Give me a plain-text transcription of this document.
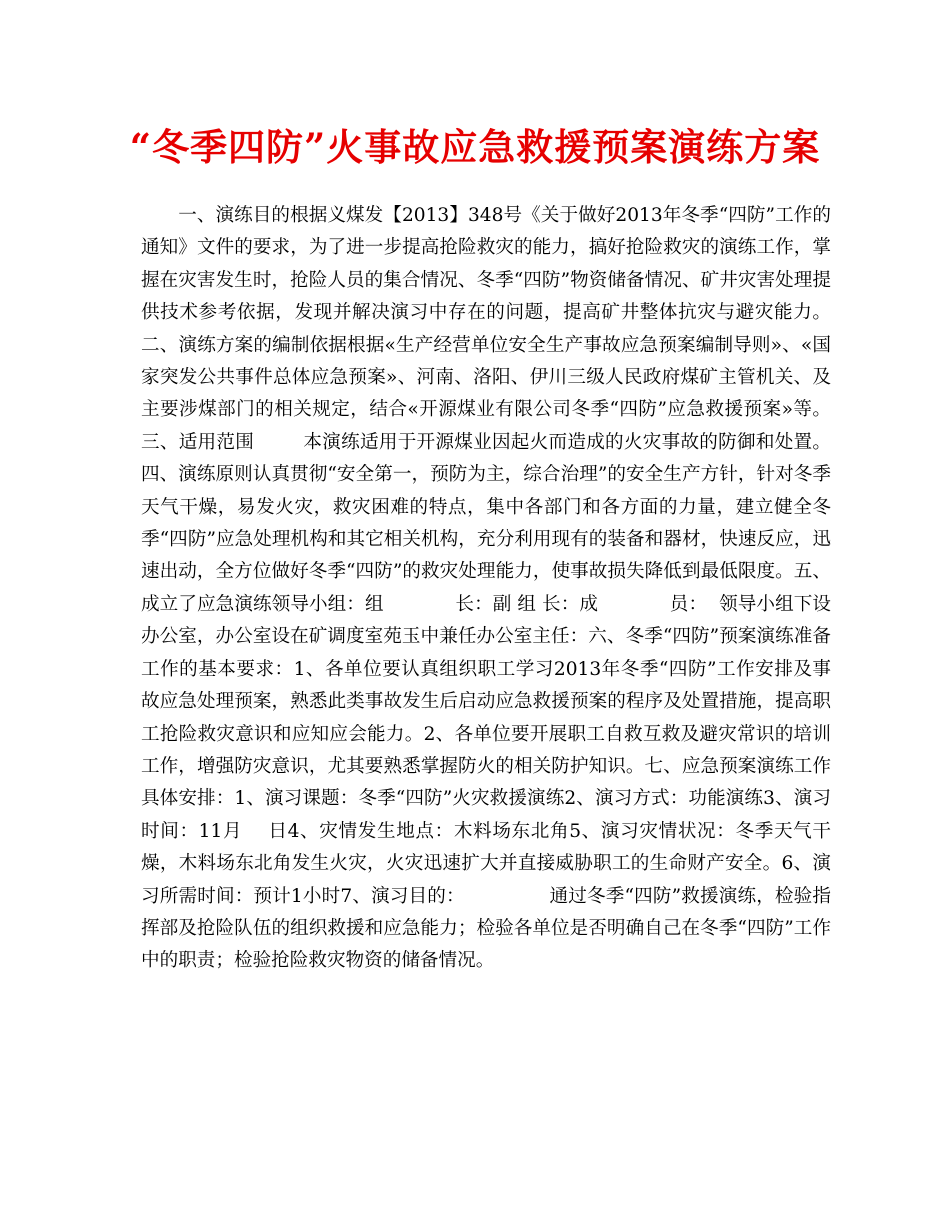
“冬季四防”火事故应急救援预案演练方案

一、演练目的根据义煤发【2013】348号《关于做好2013年冬季“四防”工作的通知》文件的要求，为了进一步提高抢险救灾的能力，搞好抢险救灾的演练工作，掌握在灾害发生时，抢险人员的集合情况、冬季“四防”物资储备情况、矿井灾害处理提供技术参考依据，发现并解决演习中存在的问题，提高矿井整体抗灾与避灾能力。二、演练方案的编制依据根据«生产经营单位安全生产事故应急预案编制导则»、«国家突发公共事件总体应急预案»、河南、洛阳、伊川三级人民政府煤矿主管机关、及主要涉煤部门的相关规定，结合«开源煤业有限公司冬季“四防”应急救援预案»等。三、适用范围        本演练适用于开源煤业因起火而造成的火灾事故的防御和处置。四、演练原则认真贯彻“安全第一，预防为主，综合治理”的安全生产方针，针对冬季天气干燥，易发火灾，救灾困难的特点，集中各部门和各方面的力量，建立健全冬季“四防”应急处理机构和其它相关机构，充分利用现有的装备和器材，快速反应，迅速出动，全方位做好冬季“四防”的救灾处理能力，使事故损失降低到最低限度。五、成立了应急演练领导小组：组            长：副 组 长：成            员：  领导小组下设办公室，办公室设在矿调度室苑玉中兼任办公室主任：六、冬季“四防”预案演练准备工作的基本要求：1、各单位要认真组织职工学习2013年冬季“四防”工作安排及事故应急处理预案，熟悉此类事故发生后启动应急救援预案的程序及处置措施，提高职工抢险救灾意识和应知应会能力。2、各单位要开展职工自救互救及避灾常识的培训工作，增强防灾意识，尤其要熟悉掌握防火的相关防护知识。七、应急预案演练工作具体安排：1、演习课题：冬季“四防”火灾救援演练2、演习方式：功能演练3、演习时间：11月    日4、灾情发生地点：木料场东北角5、演习灾情状况：冬季天气干燥，木料场东北角发生火灾，火灾迅速扩大并直接威胁职工的生命财产安全。6、演习所需时间：预计1小时7、演习目的：              通过冬季“四防”救援演练，检验指挥部及抢险队伍的组织救援和应急能力；检验各单位是否明确自己在冬季“四防”工作中的职责；检验抢险救灾物资的储备情况。
